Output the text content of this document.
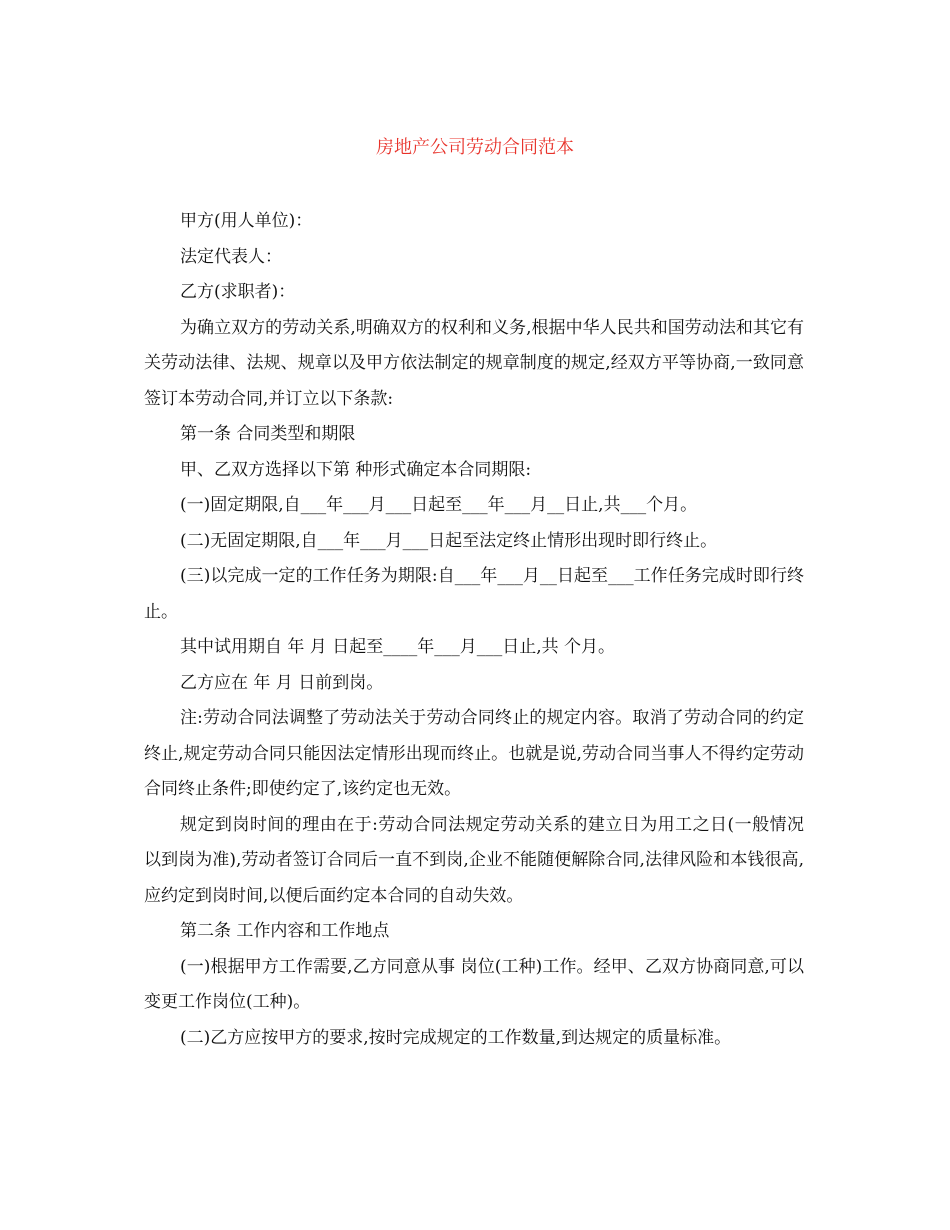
房地产公司劳动合同范本

甲方(用人单位)：

法定代表人：

乙方(求职者)：

为确立双方的劳动关系,明确双方的权利和义务,根据中华人民共和国劳动法和其它有关劳动法律、法规、规章以及甲方依法制定的规章制度的规定,经双方平等协商,一致同意签订本劳动合同,并订立以下条款:

第一条 合同类型和期限

甲、乙双方选择以下第 种形式确定本合同期限:

(一)固定期限,自___年___月___日起至___年___月__日止,共___个月。

(二)无固定期限,自___年___月___日起至法定终止情形出现时即行终止。

(三)以完成一定的工作任务为期限:自___年___月__日起至___工作任务完成时即行终止。

其中试用期自 年 月 日起至____年___月___日止,共 个月。

乙方应在 年 月 日前到岗。

注:劳动合同法调整了劳动法关于劳动合同终止的规定内容。取消了劳动合同的约定终止,规定劳动合同只能因法定情形出现而终止。也就是说,劳动合同当事人不得约定劳动合同终止条件;即使约定了,该约定也无效。

规定到岗时间的理由在于:劳动合同法规定劳动关系的建立日为用工之日(一般情况以到岗为准),劳动者签订合同后一直不到岗,企业不能随便解除合同,法律风险和本钱很高,应约定到岗时间,以便后面约定本合同的自动失效。

第二条 工作内容和工作地点

(一)根据甲方工作需要,乙方同意从事 岗位(工种)工作。经甲、乙双方协商同意,可以变更工作岗位(工种)。

(二)乙方应按甲方的要求,按时完成规定的工作数量,到达规定的质量标准。
